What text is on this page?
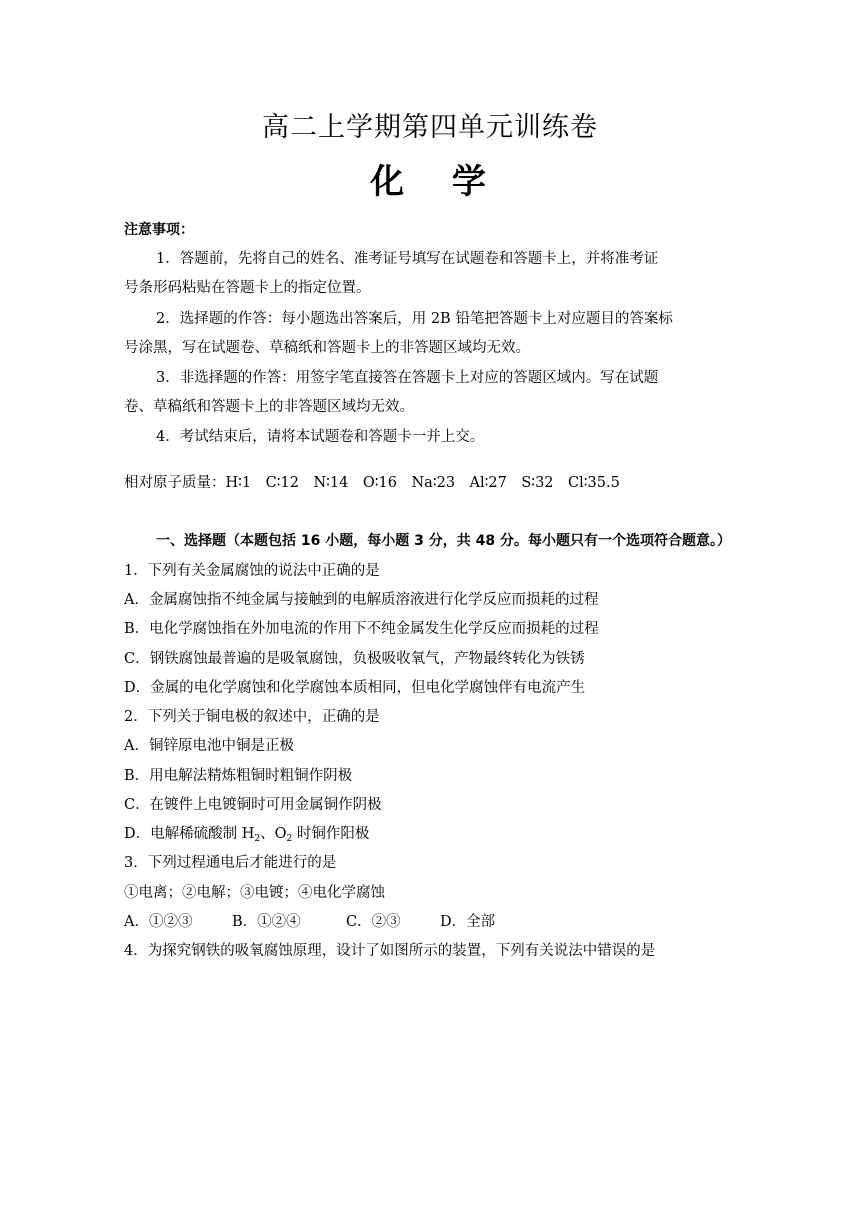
高二上学期第四单元训练卷
化 学
注意事项：
1．答题前，先将自己的姓名、准考证号填写在试题卷和答题卡上，并将准考证
号条形码粘贴在答题卡上的指定位置。
2．选择题的作答：每小题选出答案后，用 2B 铅笔把答题卡上对应题目的答案标
号涂黑，写在试题卷、草稿纸和答题卡上的非答题区域均无效。
3．非选择题的作答：用签字笔直接答在答题卡上对应的答题区域内。写在试题
卷、草稿纸和答题卡上的非答题区域均无效。
4．考试结束后，请将本试题卷和答题卡一并上交。
相对原子质量：H∶1　C∶12　N∶14　O∶16　Na∶23　Al∶27　S∶32　Cl∶35.5
一、选择题（本题包括 16 小题，每小题 3 分，共 48 分。每小题只有一个选项符合题意。）
1．下列有关金属腐蚀的说法中正确的是
A．金属腐蚀指不纯金属与接触到的电解质溶液进行化学反应而损耗的过程
B．电化学腐蚀指在外加电流的作用下不纯金属发生化学反应而损耗的过程
C．钢铁腐蚀最普遍的是吸氧腐蚀，负极吸收氧气，产物最终转化为铁锈
D．金属的电化学腐蚀和化学腐蚀本质相同，但电化学腐蚀伴有电流产生
2．下列关于铜电极的叙述中，正确的是
A．铜锌原电池中铜是正极
B．用电解法精炼粗铜时粗铜作阴极
C．在镀件上电镀铜时可用金属铜作阴极
D．电解稀硫酸制 $H_2$、$O_2$ 时铜作阳极
3．下列过程通电后才能进行的是
①电离；②电解；③电镀；④电化学腐蚀
A．①②③	B．①②④	C．②③	D．全部
4．为探究钢铁的吸氧腐蚀原理，设计了如图所示的装置，下列有关说法中错误的是
